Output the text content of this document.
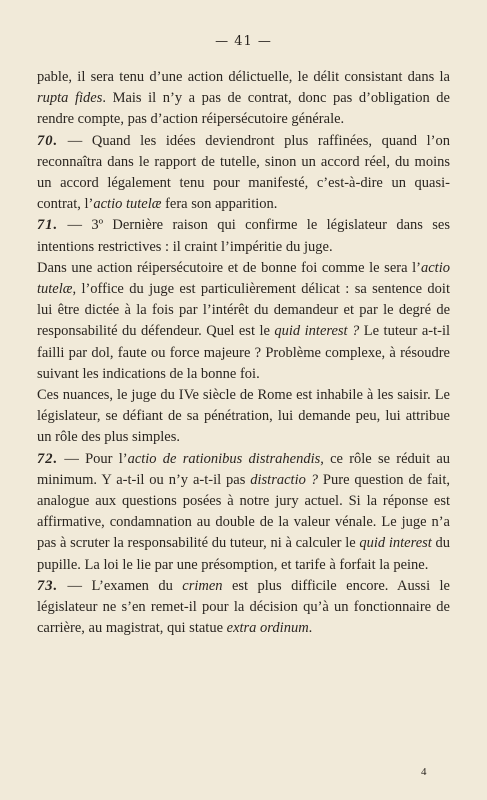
— 41 —

pable, il sera tenu d’une action délictuelle, le délit consistant dans la rupta fides. Mais il n’y a pas de contrat, donc pas d’obligation de rendre compte, pas d’action réipersécutoire générale.

70. — Quand les idées deviendront plus raffinées, quand l’on reconnaîtra dans le rapport de tutelle, sinon un accord réel, du moins un accord légalement tenu pour manifesté, c’est-à-dire un quasi-contrat, l’actio tutelæ fera son apparition.

71. — 3º Dernière raison qui confirme le législateur dans ses intentions restrictives : il craint l’impéritie du juge.

Dans une action réipersécutoire et de bonne foi comme le sera l’actio tutelæ, l’office du juge est particulièrement délicat : sa sentence doit lui être dictée à la fois par l’intérêt du demandeur et par le degré de responsabilité du défendeur. Quel est le quid interest ? Le tuteur a-t-il failli par dol, faute ou force majeure ? Problème complexe, à résoudre suivant les indications de la bonne foi.

Ces nuances, le juge du IVe siècle de Rome est inhabile à les saisir. Le législateur, se défiant de sa pénétration, lui demande peu, lui attribue un rôle des plus simples.

72. — Pour l’actio de rationibus distrahendis, ce rôle se réduit au minimum. Y a-t-il ou n’y a-t-il pas distractio ? Pure question de fait, analogue aux questions posées à notre jury actuel. Si la réponse est affirmative, condamnation au double de la valeur vénale. Le juge n’a pas à scruter la responsabilité du tuteur, ni à calculer le quid interest du pupille. La loi le lie par une présomption, et tarife à forfait la peine.

73. — L’examen du crimen est plus difficile encore. Aussi le législateur ne s’en remet-il pour la décision qu’à un fonctionnaire de carrière, au magistrat, qui statue extra ordinum.

4
